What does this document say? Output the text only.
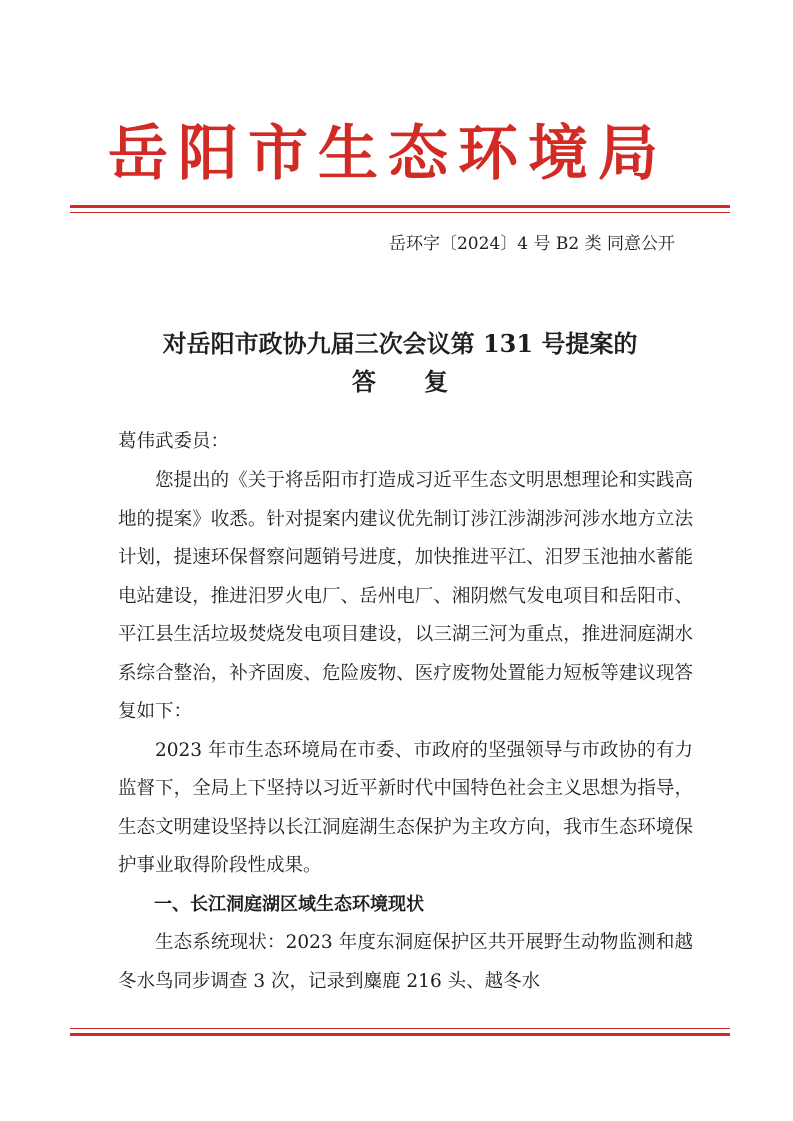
岳阳市生态环境局
岳环字〔2024〕4 号 B2 类 同意公开
对岳阳市政协九届三次会议第 131 号提案的
答 复
葛伟武委员：

您提出的《关于将岳阳市打造成习近平生态文明思想理论和实践高地的提案》收悉。针对提案内建议优先制订涉江涉湖涉河涉水地方立法计划，提速环保督察问题销号进度，加快推进平江、汨罗玉池抽水蓄能电站建设，推进汨罗火电厂、岳州电厂、湘阴燃气发电项目和岳阳市、平江县生活垃圾焚烧发电项目建设，以三湖三河为重点，推进洞庭湖水系综合整治，补齐固废、危险废物、医疗废物处置能力短板等建议现答复如下：

2023 年市生态环境局在市委、市政府的坚强领导与市政协的有力监督下，全局上下坚持以习近平新时代中国特色社会主义思想为指导，生态文明建设坚持以长江洞庭湖生态保护为主攻方向，我市生态环境保护事业取得阶段性成果。

一、长江洞庭湖区域生态环境现状

生态系统现状：2023 年度东洞庭保护区共开展野生动物监测和越冬水鸟同步调查 3 次，记录到麋鹿 216 头、越冬水
